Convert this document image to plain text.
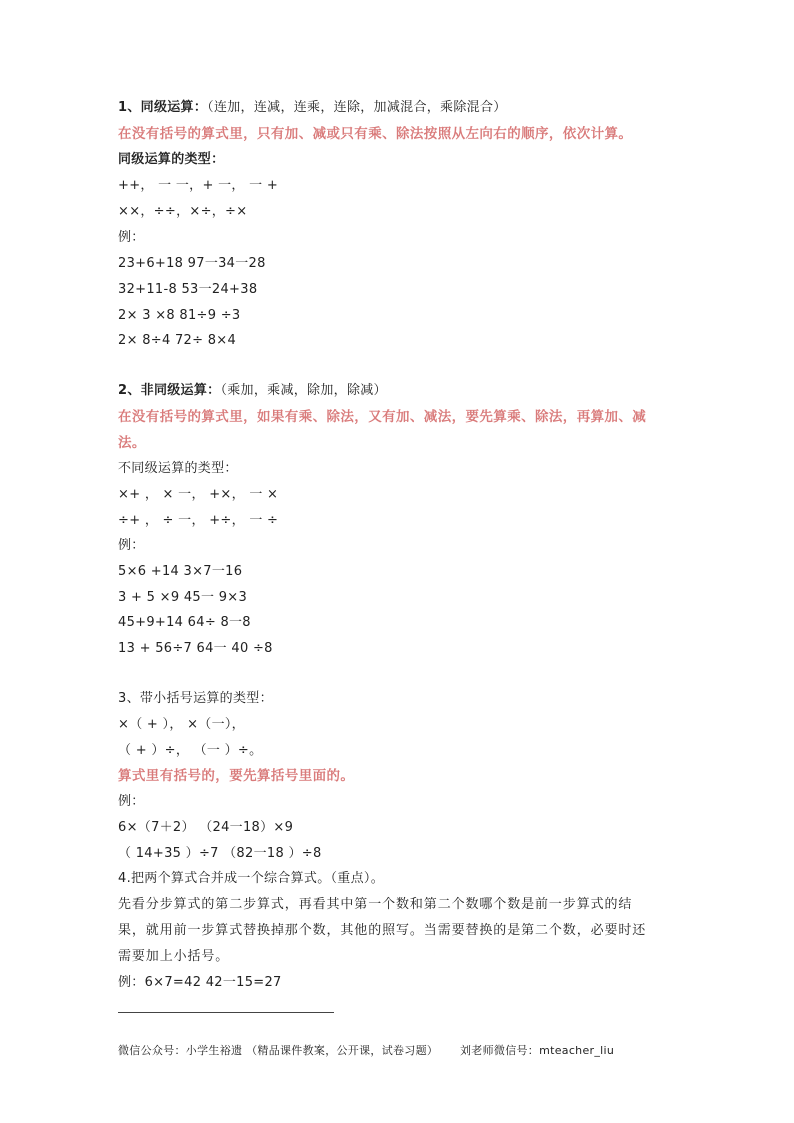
1、同级运算：（连加，连减，连乘，连除，加减混合，乘除混合）
在没有括号的算式里，只有加、减或只有乘、除法按照从左向右的顺序，依次计算。
同级运算的类型：
++， 一 一，+ 一， 一 +
××，÷÷，×÷，÷×
例：
23+6+18 97一34一28
32+11-8 53一24+38
2× 3 ×8 81÷9 ÷3
2× 8÷4 72÷ 8×4
2、非同级运算：（乘加，乘减，除加，除减）
在没有括号的算式里，如果有乘、除法，又有加、减法，要先算乘、除法，再算加、减
法。
不同级运算的类型：
×+ ， × 一， +×， 一 ×
÷+ ， ÷ 一， +÷， 一 ÷
例：
5×6 +14 3×7一16
3 + 5 ×9 45一 9×3
45+9+14 64÷ 8一8
13 + 56÷7 64一 40 ÷8
3、带小括号运算的类型：
×（ + ）， ×（一），
（ + ）÷， （一 ）÷。
算式里有括号的，要先算括号里面的。
例：
6×（7＋2） （24一18）×9
（ 14+35 ）÷7 （82一18 ）÷8
4.把两个算式合并成一个综合算式。（重点）。
先看分步算式的第二步算式，再看其中第一个数和第二个数哪个数是前一步算式的结
果，就用前一步算式替换掉那个数，其他的照写。当需要替换的是第二个数，必要时还
需要加上小括号。
例：6×7=42 42一15=27
微信公众号：小学生裕遗 （精品课件教案，公开课，试卷习题） 刘老师微信号：mteacher_liu
